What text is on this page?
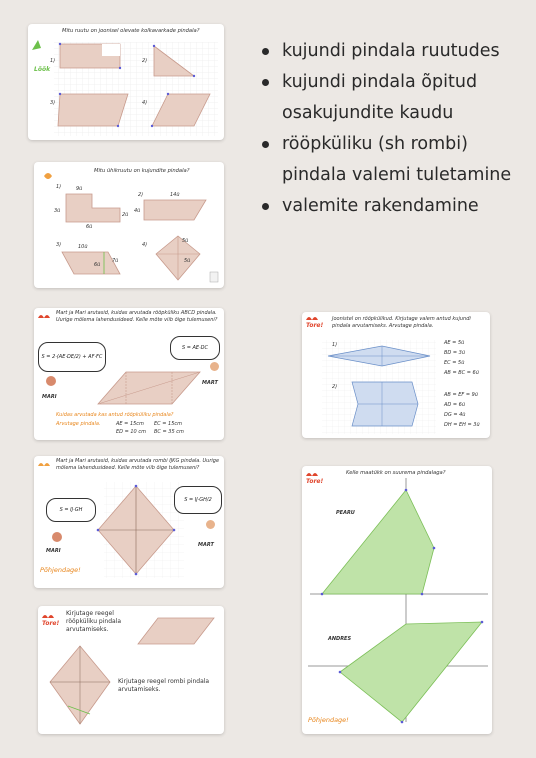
kujundi pindala ruutudes
kujundi pindala õpitud osakujundite kaudu
rööpküliku (sh rombi) pindala valemi tuletamine
valemite rakendamine
Lõõk
Mitu ruutu on joonisel olevate kolkavarkade pindala?
1)	2)
3)	4)
Mitu ühikruutu on kujundite pindala?
1)
2)
3)	4)
9ü
3ü
2ü
6ü
14ü
4ü
10ü
6ü
7ü
5ü
5ü
Mart ja Mari arutasid, kuidas arvutada rööpküliku ABCD pindala. Uurige mõlema lahendusideed. Kelle mõte viib õige tulemuseni?
S = 2·(AE·DE/2) + AF·FC
S = AE·DC
MARI
MART
Kuidas arvutada kas antud rööpküliku pindala?
Arvutage pindala.	AE = 15cm EC = 15cm
ED = 10 cm BC = 35 cm
Tore!
Joonistel on rööpkülikud. Kirjutage valem antud kujundi pindala arvutamiseks. Arvutage pindala.
1)
2)
AE = 5ü
BD = 3ü
EC = 5ü
AB = BC = 6ü
AB = EF = 9ü
AD = 6ü
DG = 4ü
DH = EH = 3ü
Mart ja Mari arutasid, kuidas arvutada rombi IJKG pindala. Uurige mõlema lahendusideed. Kelle mõte viib õige tulemuseni?
S = IJ·GH
S = IJ·GH/2
MARI
MART
Põhjendage!
Tore!
Kelle maatükk on suurema pindalaga?
PEARU
ANDRES
Põhjendage!
Tore!
Kirjutage reegel rööpküliku pindala arvutamiseks.
Kirjutage reegel rombi pindala arvutamiseks.
